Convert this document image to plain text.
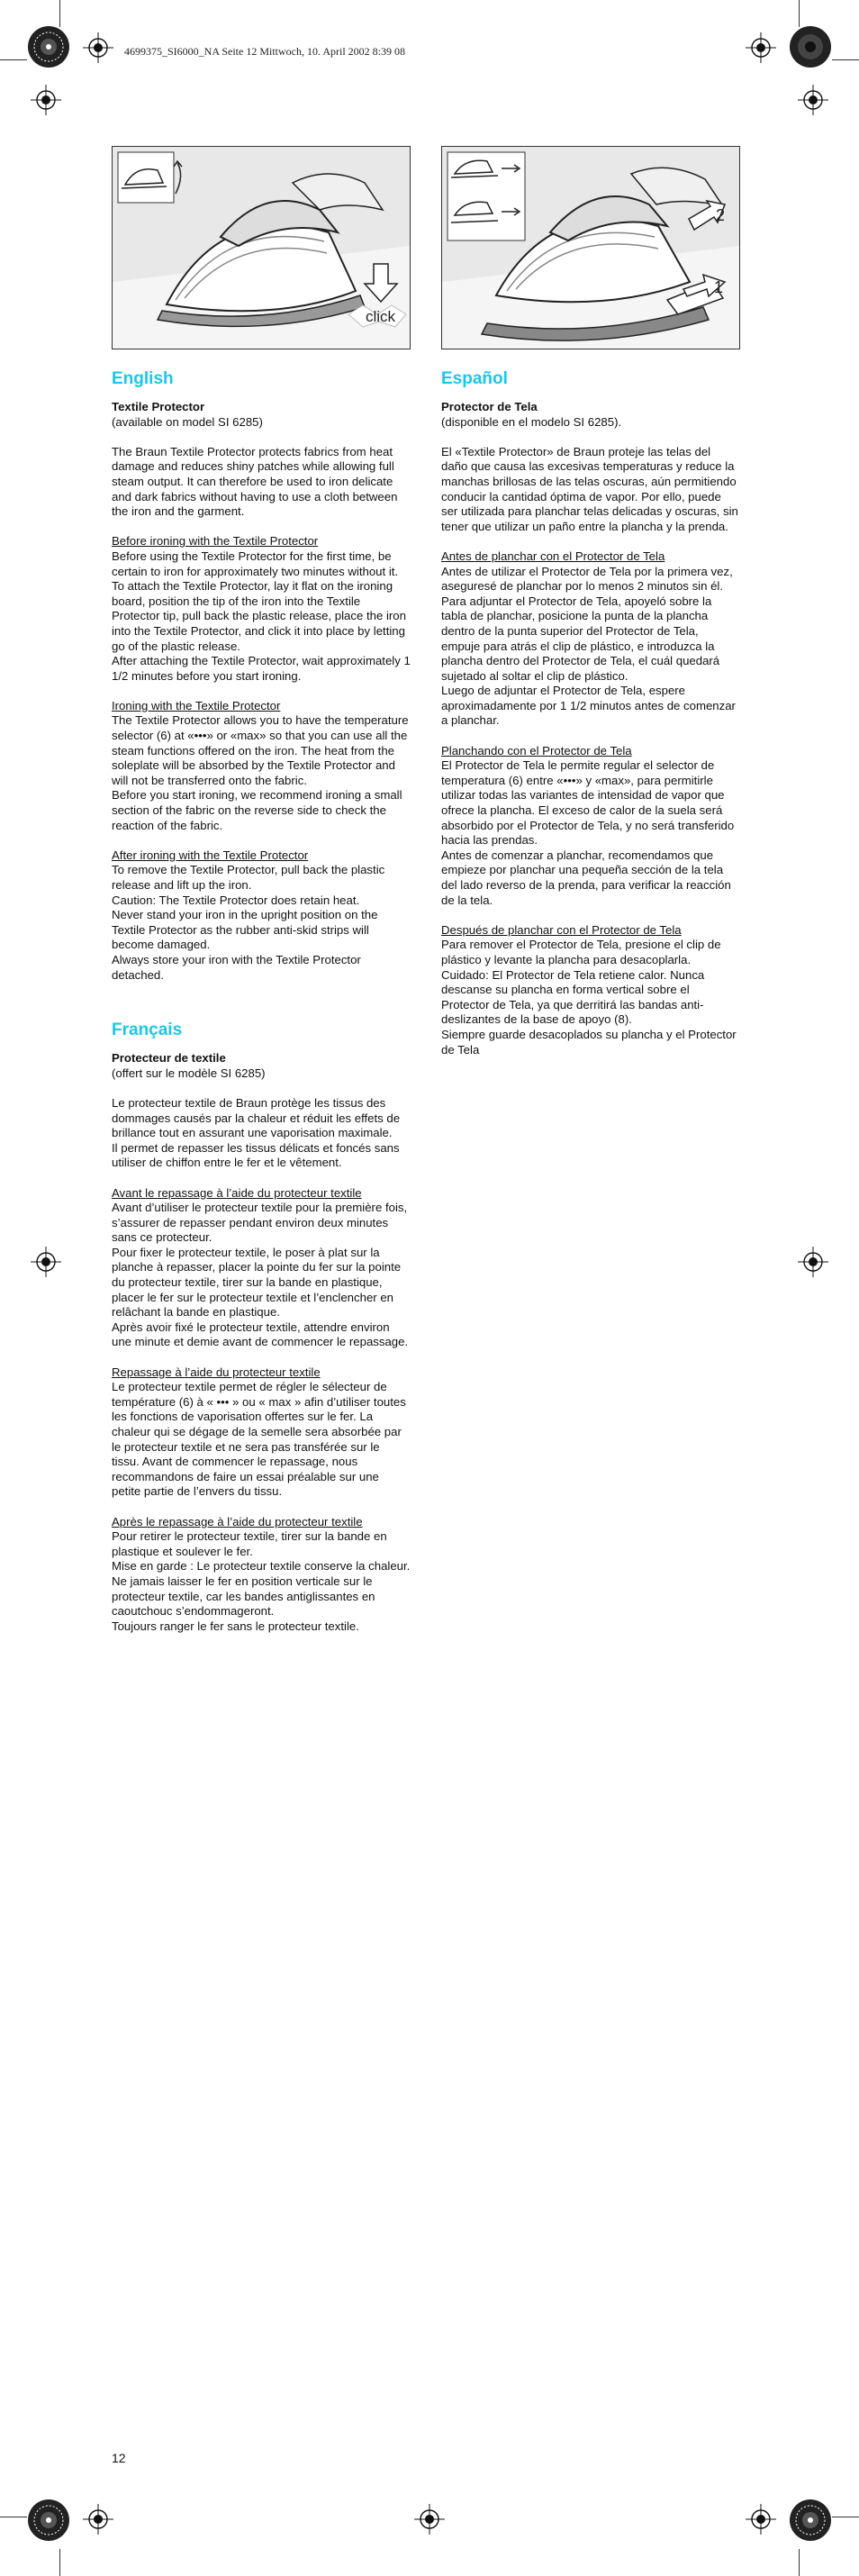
4699375_SI6000_NA Seite 12 Mittwoch, 10. April 2002 8:39 08
click
English
Textile Protector

(available on model SI 6285)

The Braun Textile Protector protects fabrics from heat damage and reduces shiny patches while allowing full steam output. It can therefore be used to iron delicate and dark fabrics without having to use a cloth between the iron and the garment.

Before ironing with the Textile Protector
Before using the Textile Protector for the first time, be certain to iron for approximately two minutes without it.
To attach the Textile Protector, lay it flat on the ironing board, position the tip of the iron into the Textile Protector tip, pull back the plastic release, place the iron into the Textile Protector, and click it into place by letting go of the plastic release.

After attaching the Textile Protector, wait approximately 1 1/2 minutes before you start ironing.

Ironing with the Textile Protector
The Textile Protector allows you to have the temperature selector (6) at «•••» or «max» so that you can use all the steam functions offered on the iron. The heat from the soleplate will be absorbed by the Textile Protector and will not be transferred onto the fabric.

Before you start ironing, we recommend ironing a small section of the fabric on the reverse side to check the reaction of the fabric.

After ironing with the Textile Protector
To remove the Textile Protector, pull back the plastic release and lift up the iron.
Caution: The Textile Protector does retain heat.
Never stand your iron in the upright position on the Textile Protector as the rubber anti-skid strips will become damaged.
Always store your iron with the Textile Protector detached.
Français
Protecteur de textile

(offert sur le modèle SI 6285)

Le protecteur textile de Braun protège les tissus des dommages causés par la chaleur et réduit les effets de brillance tout en assurant une vaporisation maximale.

Il permet de repasser les tissus délicats et foncés sans utiliser de chiffon entre le fer et le vêtement.

Avant le repassage à l’aide du protecteur textile
Avant d’utiliser le protecteur textile pour la première fois, s’assurer de repasser pendant environ deux minutes sans ce protecteur.
Pour fixer le protecteur textile, le poser à plat sur la planche à repasser, placer la pointe du fer sur la pointe du protecteur textile, tirer sur la bande en plastique, placer le fer sur le protecteur textile et l’enclencher en relâchant la bande en plastique.

Après avoir fixé le protecteur textile, attendre environ une minute et demie avant de commencer le repassage.

Repassage à l’aide du protecteur textile

Le protecteur textile permet de régler le sélecteur de température (6) à « ••• » ou « max » afin d’utiliser toutes les fonctions de vaporisation offertes sur le fer. La chaleur qui se dégage de la semelle sera absorbée par le protecteur textile et ne sera pas transférée sur le tissu. Avant de commencer le repassage, nous recommandons de faire un essai préalable sur une petite partie de l’envers du tissu.

Après le repassage à l’aide du protecteur textile
Pour retirer le protecteur textile, tirer sur la bande en plastique et soulever le fer.
Mise en garde : Le protecteur textile conserve la chaleur.
Ne jamais laisser le fer en position verticale sur le protecteur textile, car les bandes antiglissantes en caoutchouc s’endommageront.
Toujours ranger le fer sans le protecteur textile.
2
1
Español
Protector de Tela

(disponible en el modelo SI 6285).

El «Textile Protector» de Braun proteje las telas del daño que causa las excesivas temperaturas y reduce la manchas brillosas de las telas oscuras, aún permitiendo conducir la cantidad óptima de vapor. Por ello, puede ser utilizada para planchar telas delicadas y oscuras, sin tener que utilizar un paño entre la plancha y la prenda.

Antes de planchar con el Protector de Tela
Antes de utilizar el Protector de Tela por la primera vez, aseguresé de planchar por lo menos 2 minutos sin él.
Para adjuntar el Protector de Tela, apoyeló sobre la tabla de planchar, posicione la punta de la plancha dentro de la punta superior del Protector de Tela, empuje para atrás el clip de plástico, e introduzca la plancha dentro del Protector de Tela, el cuál quedará sujetado al soltar el clip de plástico.

Luego de adjuntar el Protector de Tela, espere aproximadamente por 1 1/2 minutos antes de comenzar a planchar.

Planchando con el Protector de Tela
El Protector de Tela le permite regular el selector de temperatura (6) entre «•••» y «max», para permitirle utilizar todas las variantes de intensidad de vapor que ofrece la plancha. El exceso de calor de la suela será absorbido por el Protector de Tela, y no será transferido hacia las prendas.

Antes de comenzar a planchar, recomendamos que empieze por planchar una pequeña sección de la tela del lado reverso de la prenda, para verificar la reacción de la tela.

Después de planchar con el Protector de Tela
Para remover el Protector de Tela, presione el clip de plástico y levante la plancha para desacoplarla.
Cuidado: El Protector de Tela retiene calor. Nunca descanse su plancha en forma vertical sobre el Protector de Tela, ya que derritirá las bandas anti-deslizantes de la base de apoyo (8).
Siempre guarde desacoplados su plancha y el Protector de Tela
12
